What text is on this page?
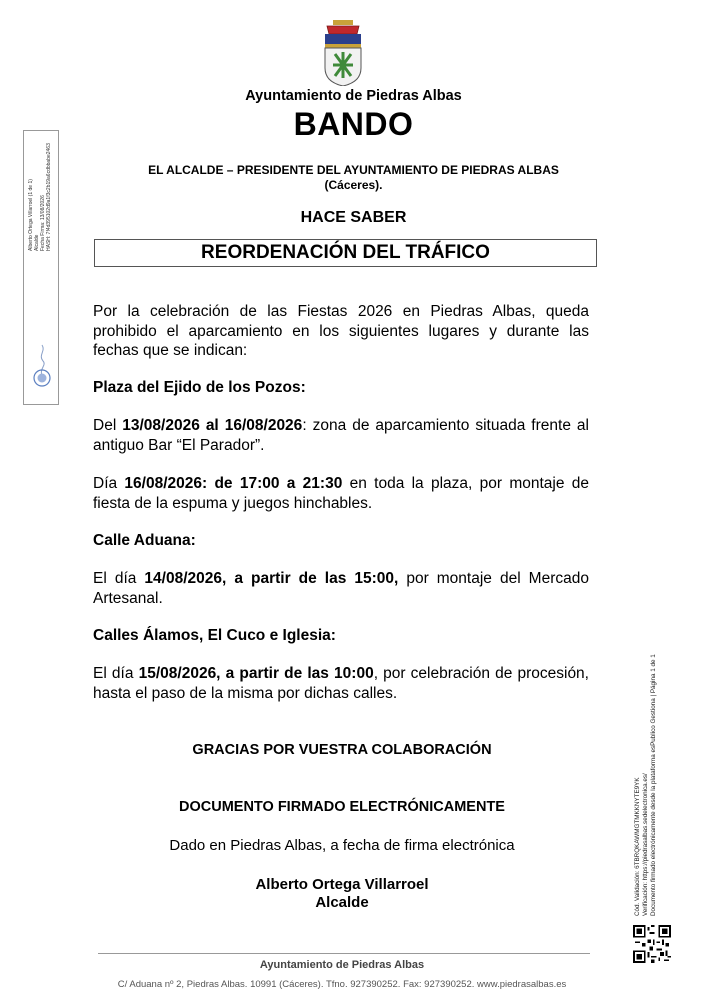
Ayuntamiento de Piedras Albas
BANDO
EL ALCALDE – PRESIDENTE DEL AYUNTAMIENTO DE PIEDRAS ALBAS
(Cáceres).
HACE SABER
REORDENACIÓN DEL TRÁFICO
Por la celebración de las Fiestas 2026 en Piedras Albas, queda prohibido el aparcamiento en los siguientes lugares y durante las fechas que se indican:
Plaza del Ejido de los Pozos:
Del 13/08/2026 al 16/08/2026: zona de aparcamiento situada frente al antiguo Bar “El Parador”.
Día 16/08/2026: de 17:00 a 21:30 en toda la plaza, por montaje de fiesta de la espuma y juegos hinchables.
Calle Aduana:
El día 14/08/2026, a partir de las 15:00, por montaje del Mercado Artesanal.
Calles Álamos, El Cuco e Iglesia:
El día 15/08/2026, a partir de las 10:00, por celebración de procesión, hasta el paso de la misma por dichas calles.
GRACIAS POR VUESTRA COLABORACIÓN
DOCUMENTO FIRMADO ELECTRÓNICAMENTE
Dado en Piedras Albas, a fecha de firma electrónica
Alberto Ortega Villarroel
Alcalde
Alberto Ortega Villarroel (1 de 1) Alcalde Fecha Firma: 13/08/2026 HASH: 7f4d395102d9a1f3c2b19a6cdbbabe2463
Cód. Validación: 6TBRQKAWMGTMKKNYTE9YK Verificación: https://piedrasalbas.sedelectronica.es/ Documento firmado electrónicamente desde la plataforma esPublico Gestiona | Página 1 de 1
Ayuntamiento de Piedras Albas
C/ Aduana nº 2, Piedras Albas. 10991 (Cáceres). Tfno. 927390252. Fax: 927390252. www.piedrasalbas.es
